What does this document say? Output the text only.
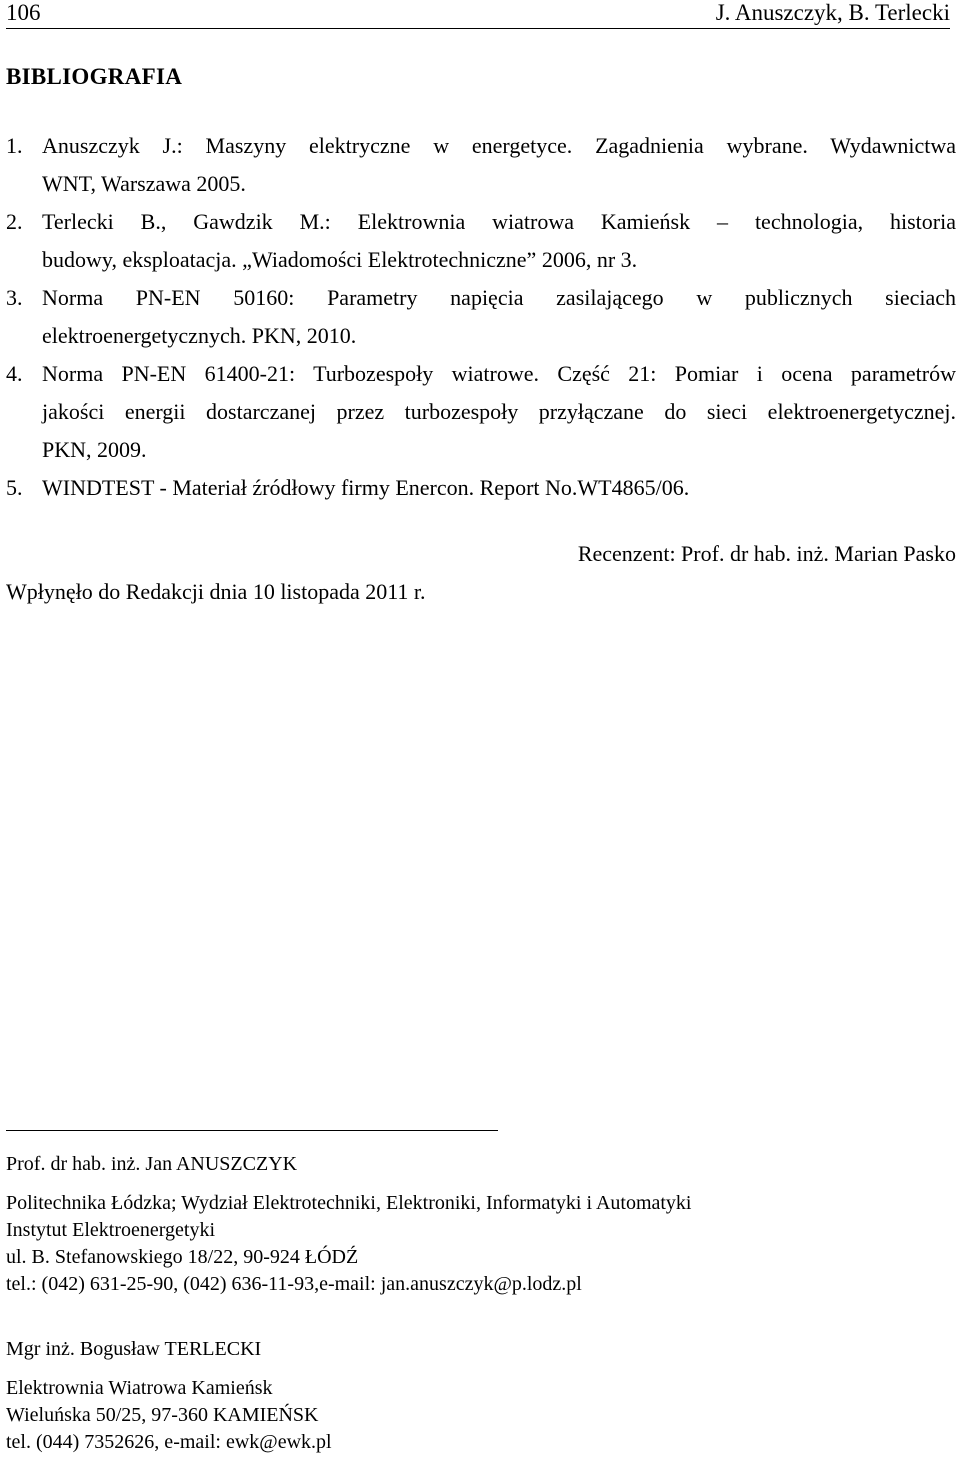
106	J. Anuszczyk, B. Terlecki
BIBLIOGRAFIA
1. Anuszczyk J.: Maszyny elektryczne w energetyce. Zagadnienia wybrane. Wydawnictwa
WNT, Warszawa 2005.
2. Terlecki B., Gawdzik M.: Elektrownia wiatrowa Kamieńsk – technologia, historia
budowy, eksploatacja. „Wiadomości Elektrotechniczne” 2006, nr 3.
3. Norma PN-EN 50160: Parametry napięcia zasilającego w publicznych sieciach
elektroenergetycznych. PKN, 2010.
4. Norma PN-EN 61400-21: Turbozespoły wiatrowe. Część 21: Pomiar i ocena parametrów
jakości energii dostarczanej przez turbozespoły przyłączane do sieci elektroenergetycznej.
PKN, 2009.
5. WINDTEST - Materiał źródłowy firmy Enercon. Report No.WT4865/06.
Recenzent: Prof. dr hab. inż. Marian Pasko
Wpłynęło do Redakcji dnia 10 listopada 2011 r.
Prof. dr hab. inż. Jan ANUSZCZYK
Politechnika Łódzka; Wydział Elektrotechniki, Elektroniki, Informatyki i Automatyki
Instytut Elektroenergetyki
ul. B. Stefanowskiego 18/22, 90-924 ŁÓDŹ
tel.: (042) 631-25-90, (042) 636-11-93,e-mail: jan.anuszczyk@p.lodz.pl
Mgr inż. Bogusław TERLECKI
Elektrownia Wiatrowa Kamieńsk
Wieluńska 50/25, 97-360 KAMIEŃSK
tel. (044) 7352626, e-mail: ewk@ewk.pl
